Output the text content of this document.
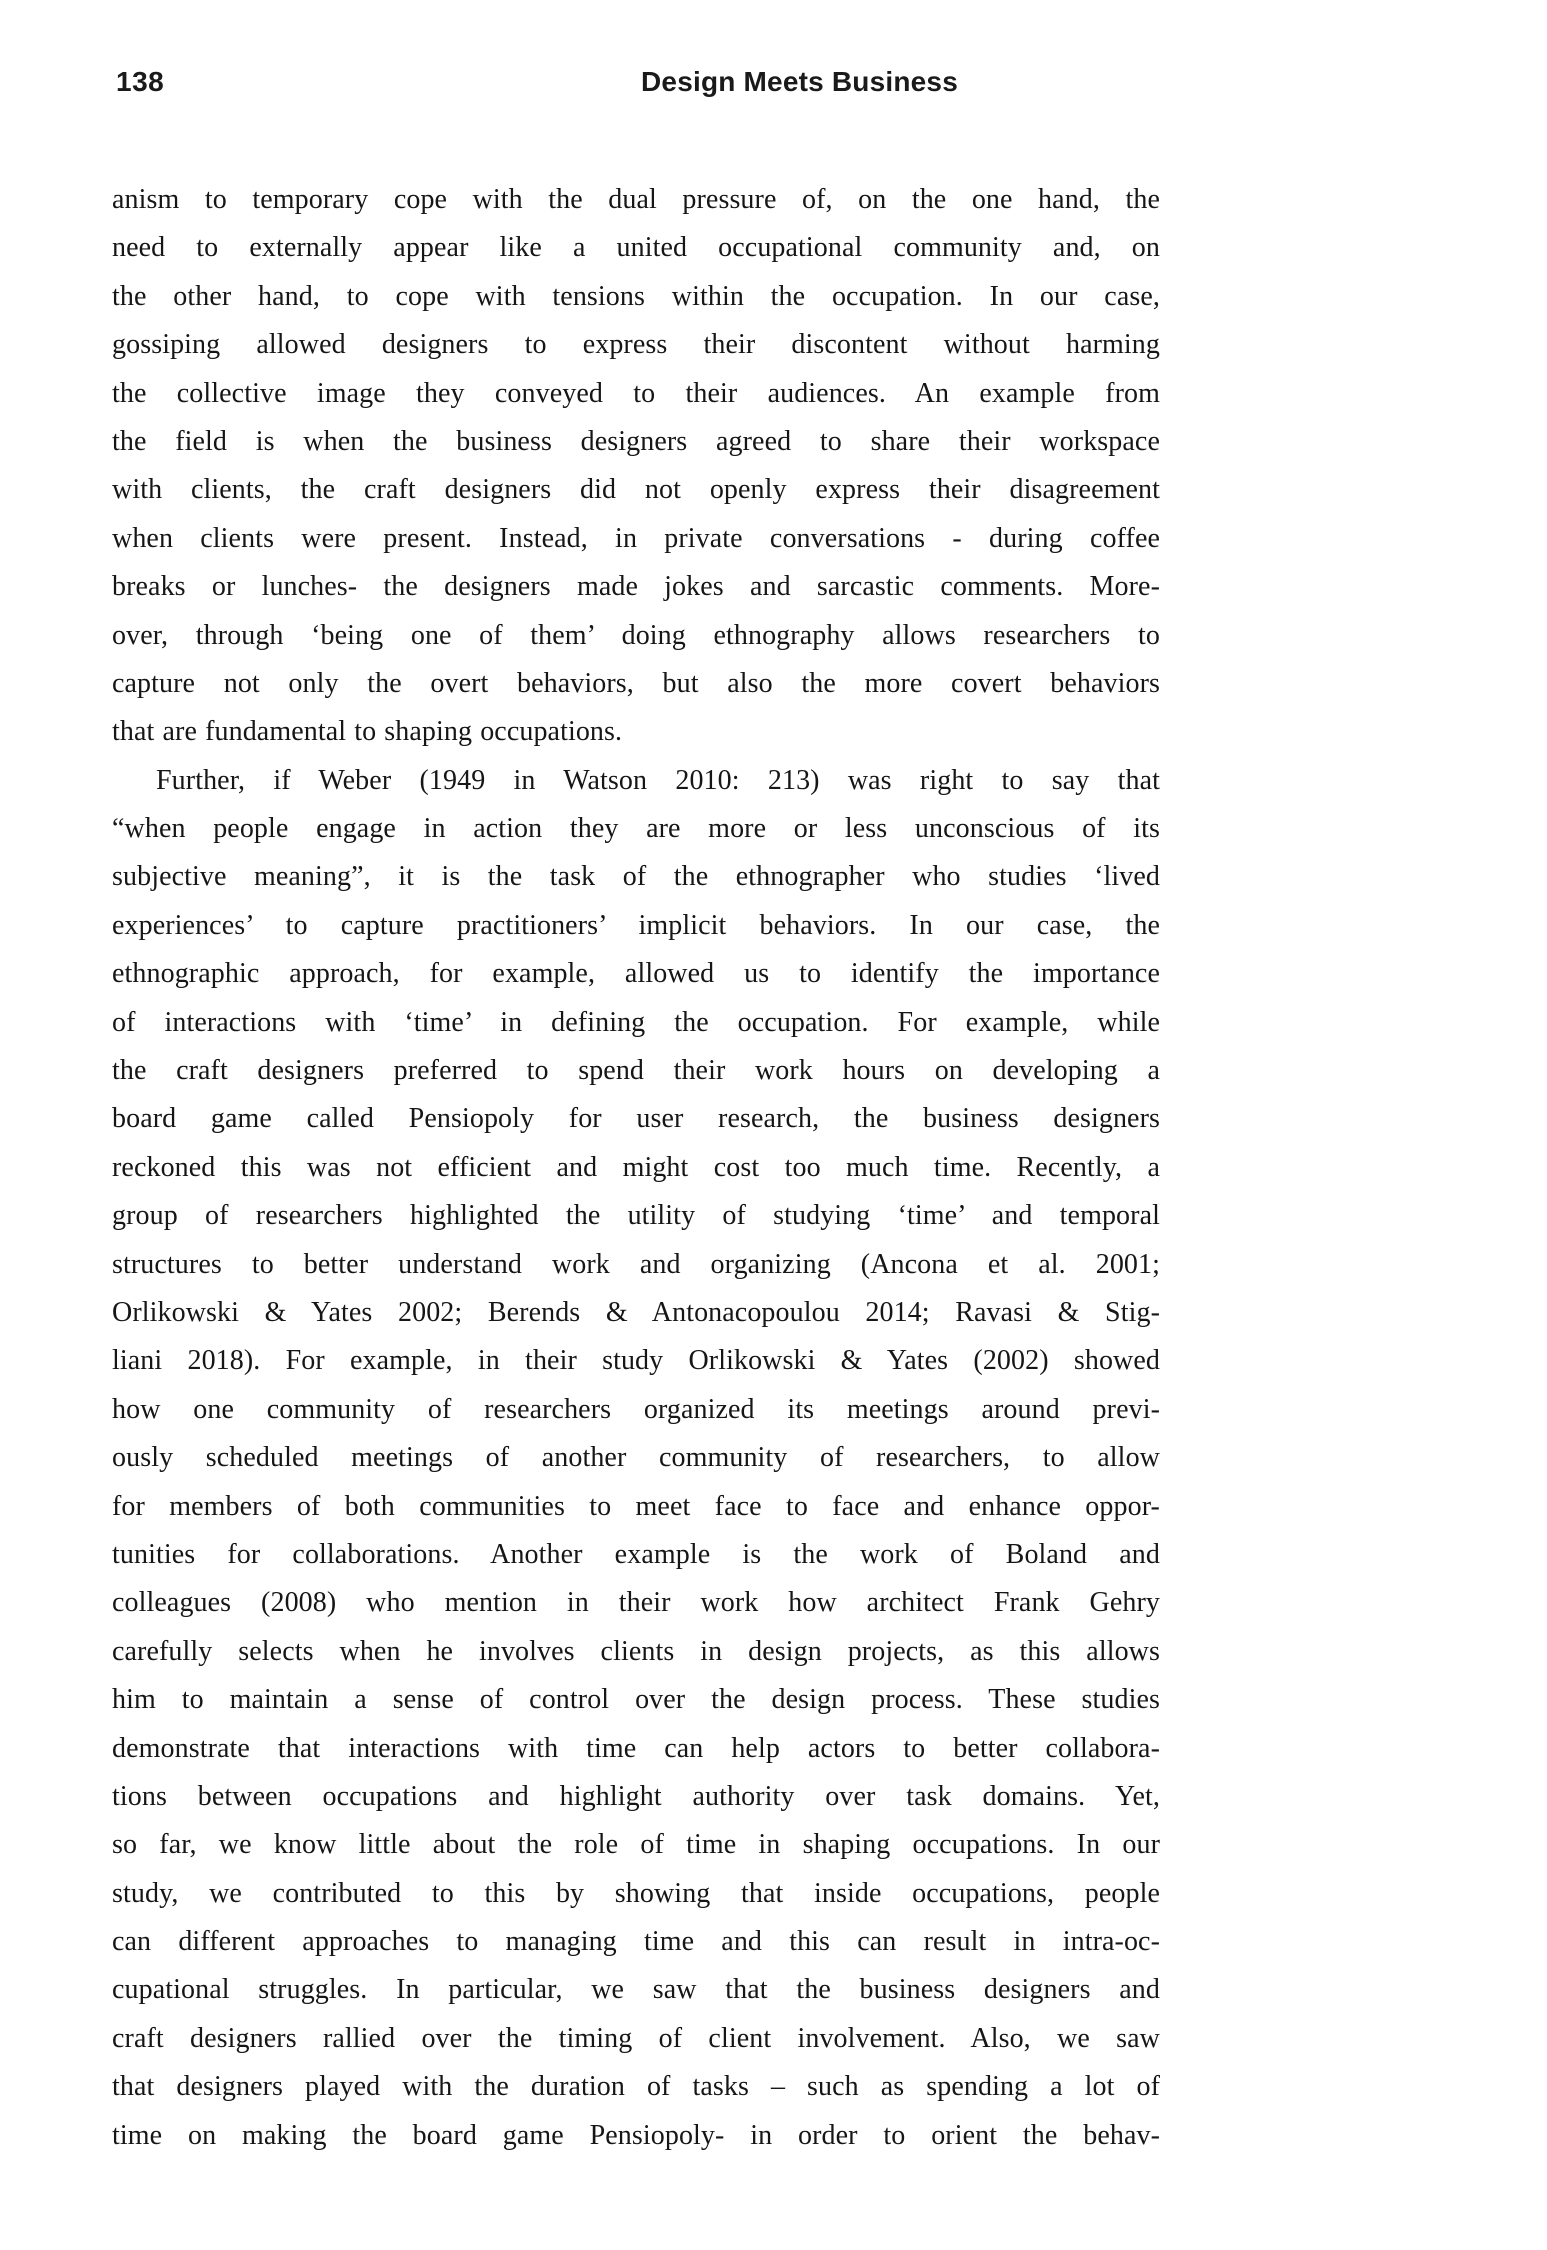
138	Design Meets Business
anism to temporary cope with the dual pressure of, on the one hand, the
need to externally appear like a united occupational community and, on
the other hand, to cope with tensions within the occupation. In our case,
gossiping allowed designers to express their discontent without harming
the collective image they conveyed to their audiences. An example from
the field is when the business designers agreed to share their workspace
with clients, the craft designers did not openly express their disagreement
when clients were present. Instead, in private conversations - during coffee
breaks or lunches- the designers made jokes and sarcastic comments. More-
over, through ‘being one of them’ doing ethnography allows researchers to
capture not only the overt behaviors, but also the more covert behaviors
that are fundamental to shaping occupations.
Further, if Weber (1949 in Watson 2010: 213) was right to say that
“when people engage in action they are more or less unconscious of its
subjective meaning”, it is the task of the ethnographer who studies ‘lived
experiences’ to capture practitioners’ implicit behaviors. In our case, the
ethnographic approach, for example, allowed us to identify the importance
of interactions with ‘time’ in defining the occupation. For example, while
the craft designers preferred to spend their work hours on developing a
board game called Pensiopoly for user research, the business designers
reckoned this was not efficient and might cost too much time. Recently, a
group of researchers highlighted the utility of studying ‘time’ and temporal
structures to better understand work and organizing (Ancona et al. 2001;
Orlikowski & Yates 2002; Berends & Antonacopoulou 2014; Ravasi & Stig-
liani 2018). For example, in their study Orlikowski & Yates (2002) showed
how one community of researchers organized its meetings around previ-
ously scheduled meetings of another community of researchers, to allow
for members of both communities to meet face to face and enhance oppor-
tunities for collaborations. Another example is the work of Boland and
colleagues (2008) who mention in their work how architect Frank Gehry
carefully selects when he involves clients in design projects, as this allows
him to maintain a sense of control over the design process. These studies
demonstrate that interactions with time can help actors to better collabora-
tions between occupations and highlight authority over task domains. Yet,
so far, we know little about the role of time in shaping occupations. In our
study, we contributed to this by showing that inside occupations, people
can different approaches to managing time and this can result in intra-oc-
cupational struggles. In particular, we saw that the business designers and
craft designers rallied over the timing of client involvement. Also, we saw
that designers played with the duration of tasks – such as spending a lot of
time on making the board game Pensiopoly- in order to orient the behav-
